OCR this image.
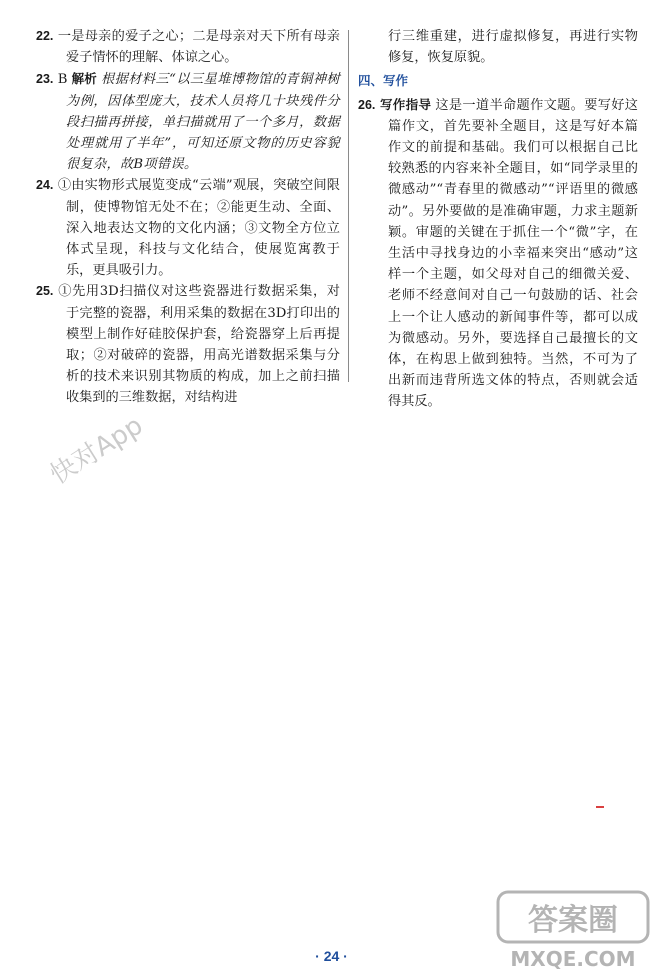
22. 一是母亲的爱子之心；二是母亲对天下所有母亲爱子情怀的理解、体谅之心。

23. B 解析 根据材料三“以三星堆博物馆的青铜神树为例，因体型庞大，技术人员将几十块残件分段扫描再拼接，单扫描就用了一个多月，数据处理就用了半年”，可知还原文物的历史容貌很复杂，故B项错误。

24. ①由实物形式展览变成“云端”观展，突破空间限制，使博物馆无处不在；②能更生动、全面、深入地表达文物的文化内涵；③文物全方位立体式呈现，科技与文化结合，使展览寓教于乐，更具吸引力。

25. ①先用3D扫描仪对这些瓷器进行数据采集，对于完整的瓷器，利用采集的数据在3D打印出的模型上制作好硅胶保护套，给瓷器穿上后再提取；②对破碎的瓷器，用高光谱数据采集与分析的技术来识别其物质的构成，加上之前扫描收集到的三维数据，对结构进

行三维重建，进行虚拟修复，再进行实物修复，恢复原貌。

四、写作

26. 写作指导 这是一道半命题作文题。要写好这篇作文，首先要补全题目，这是写好本篇作文的前提和基础。我们可以根据自己比较熟悉的内容来补全题目，如“同学录里的微感动”“青春里的微感动”“评语里的微感动”。另外要做的是准确审题，力求主题新颖。审题的关键在于抓住一个“微”字，在生活中寻找身边的小幸福来突出“感动”这样一个主题，如父母对自己的细微关爱、老师不经意间对自己一句鼓励的话、社会上一个让人感动的新闻事件等，都可以成为微感动。另外，要选择自己最擅长的文体，在构思上做到独特。当然，不可为了出新而违背所选文体的特点，否则就会适得其反。

快对App
答案圈
MXQE.COM
· 24 ·
